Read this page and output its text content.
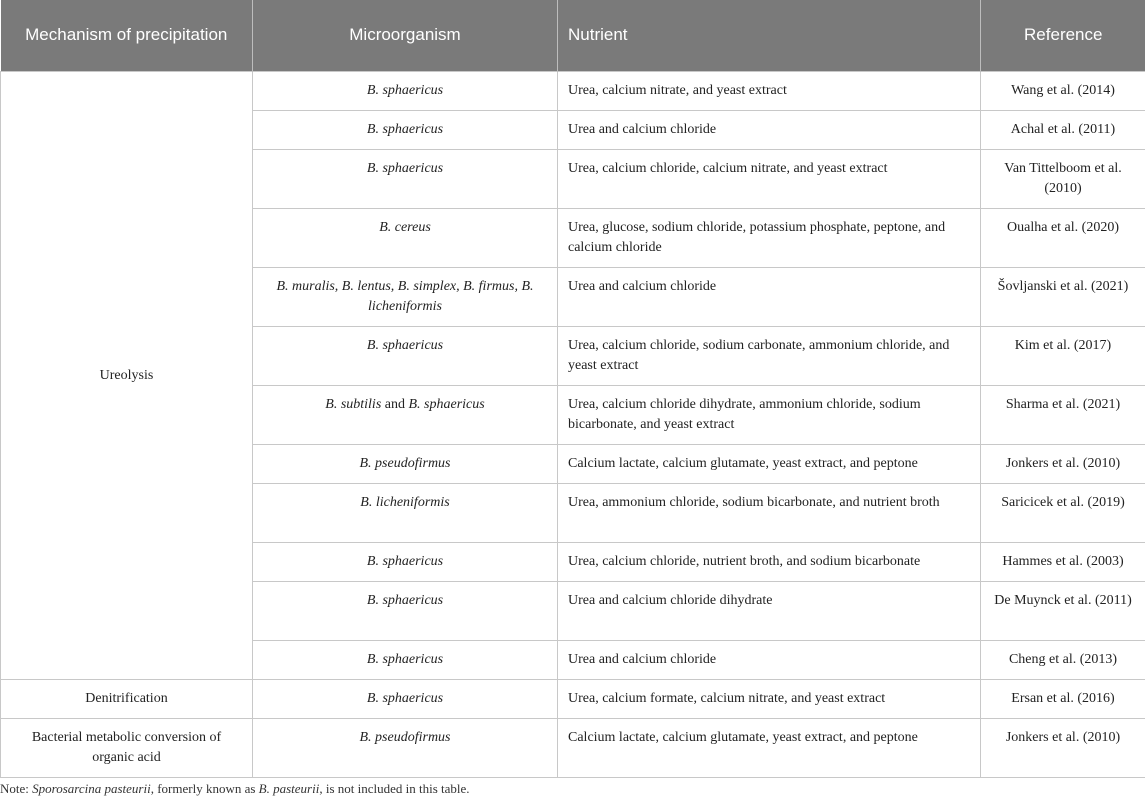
Mechanism of precipitation	Microorganism	Nutrient	Reference
Ureolysis	B. sphaericus	Urea, calcium nitrate, and yeast extract	Wang et al. (2014)
	B. sphaericus	Urea and calcium chloride	Achal et al. (2011)
	B. sphaericus	Urea, calcium chloride, calcium nitrate, and yeast extract	Van Tittelboom et al. (2010)
	B. cereus	Urea, glucose, sodium chloride, potassium phosphate, peptone, and calcium chloride	Oualha et al. (2020)
	B. muralis, B. lentus, B. simplex, B. firmus, B. licheniformis	Urea and calcium chloride	Šovljanski et al. (2021)
	B. sphaericus	Urea, calcium chloride, sodium carbonate, ammonium chloride, and yeast extract	Kim et al. (2017)
	B. subtilis and B. sphaericus	Urea, calcium chloride dihydrate, ammonium chloride, sodium bicarbonate, and yeast extract	Sharma et al. (2021)
	B. pseudofirmus	Calcium lactate, calcium glutamate, yeast extract, and peptone	Jonkers et al. (2010)
	B. licheniformis	Urea, ammonium chloride, sodium bicarbonate, and nutrient broth	Saricicek et al. (2019)
	B. sphaericus	Urea, calcium chloride, nutrient broth, and sodium bicarbonate	Hammes et al. (2003)
	B. sphaericus	Urea and calcium chloride dihydrate	De Muynck et al. (2011)
	B. sphaericus	Urea and calcium chloride	Cheng et al. (2013)
Denitrification	B. sphaericus	Urea, calcium formate, calcium nitrate, and yeast extract	Ersan et al. (2016)
Bacterial metabolic conversion of organic acid	B. pseudofirmus	Calcium lactate, calcium glutamate, yeast extract, and peptone	Jonkers et al. (2010)
Note: Sporosarcina pasteurii, formerly known as B. pasteurii, is not included in this table.
